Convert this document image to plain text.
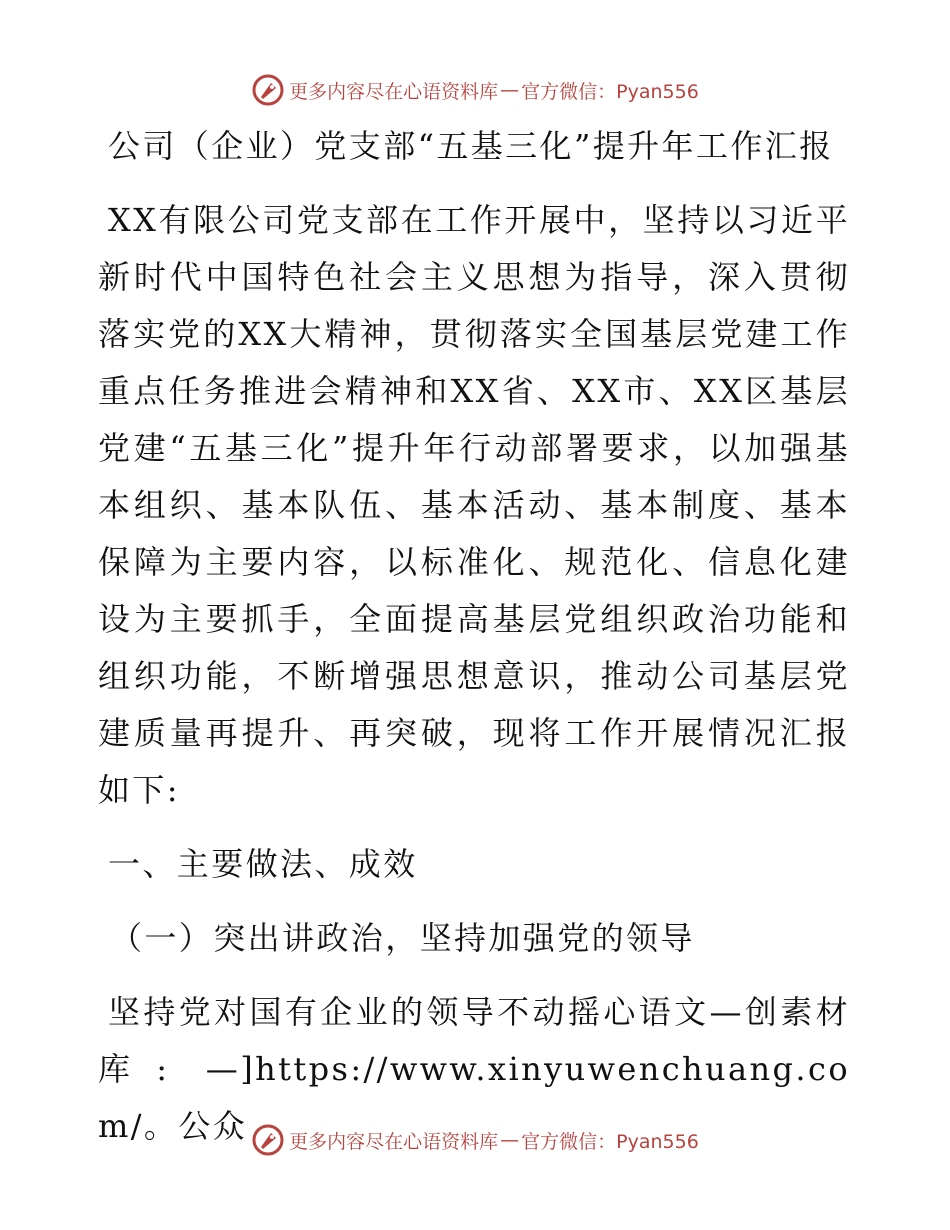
更多内容尽在心语资料库 — 官方微信：Pyan556

公司（企业）党支部“五基三化”提升年工作汇报

XX有限公司党支部在工作开展中，坚持以习近平新时代中国特色社会主义思想为指导，深入贯彻落实党的XX大精神，贯彻落实全国基层党建工作重点任务推进会精神和XX省、XX市、XX区基层党建“五基三化”提升年行动部署要求，以加强基本组织、基本队伍、基本活动、基本制度、基本保障为主要内容，以标准化、规范化、信息化建设为主要抓手，全面提高基层党组织政治功能和组织功能，不断增强思想意识，推动公司基层党建质量再提升、再突破，现将工作开展情况汇报如下:

一、主要做法、成效

（一）突出讲政治，坚持加强党的领导

坚持党对国有企业的领导不动摇心语文—创素材库: —]https://www.xinyuwenchuang.com/。公众	更多内容尽在心语资料库 — 官方微信：Pyan556
